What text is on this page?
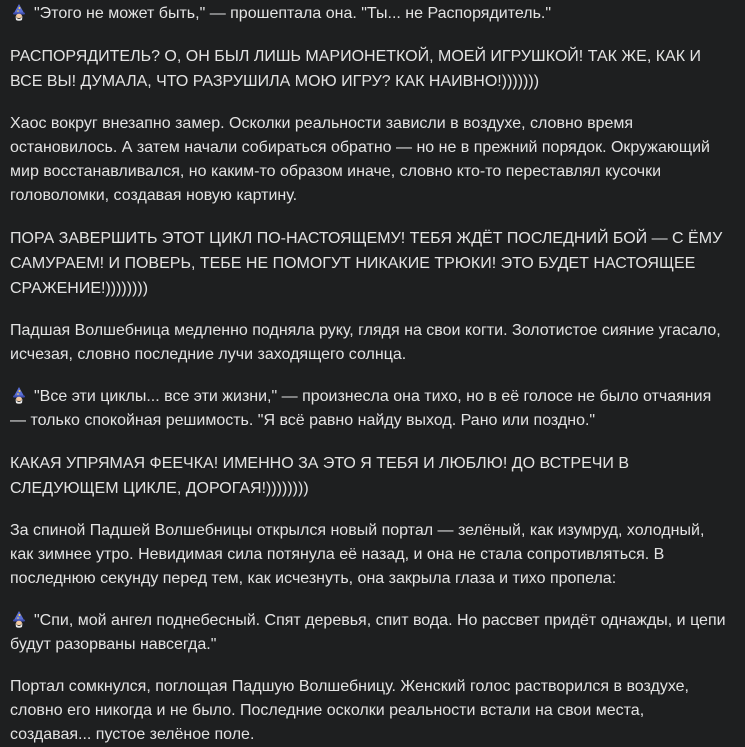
"Этого не может быть," — прошептала она. "Ты... не Распорядитель."

РАСПОРЯДИТЕЛЬ? О, ОН БЫЛ ЛИШЬ МАРИОНЕТКОЙ, МОЕЙ ИГРУШКОЙ! ТАК ЖЕ, КАК И ВСЕ ВЫ! ДУМАЛА, ЧТО РАЗРУШИЛА МОЮ ИГРУ? КАК НАИВНО!)))))))

Хаос вокруг внезапно замер. Осколки реальности зависли в воздухе, словно время остановилось. А затем начали собираться обратно — но не в прежний порядок. Окружающий мир восстанавливался, но каким-то образом иначе, словно кто-то переставлял кусочки головоломки, создавая новую картину.

ПОРА ЗАВЕРШИТЬ ЭТОТ ЦИКЛ ПО-НАСТОЯЩЕМУ! ТЕБЯ ЖДЁТ ПОСЛЕДНИЙ БОЙ — С ЁМУ САМУРАЕМ! И ПОВЕРЬ, ТЕБЕ НЕ ПОМОГУТ НИКАКИЕ ТРЮКИ! ЭТО БУДЕТ НАСТОЯЩЕЕ СРАЖЕНИЕ!))))))))

Падшая Волшебница медленно подняла руку, глядя на свои когти. Золотистое сияние угасало, исчезая, словно последние лучи заходящего солнца.

"Все эти циклы... все эти жизни," — произнесла она тихо, но в её голосе не было отчаяния — только спокойная решимость. "Я всё равно найду выход. Рано или поздно."

КАКАЯ УПРЯМАЯ ФЕЕЧКА! ИМЕННО ЗА ЭТО Я ТЕБЯ И ЛЮБЛЮ! ДО ВСТРЕЧИ В СЛЕДУЮЩЕМ ЦИКЛЕ, ДОРОГАЯ!))))))))

За спиной Падшей Волшебницы открылся новый портал — зелёный, как изумруд, холодный, как зимнее утро. Невидимая сила потянула её назад, и она не стала сопротивляться. В последнюю секунду перед тем, как исчезнуть, она закрыла глаза и тихо пропела:

"Спи, мой ангел поднебесный. Спят деревья, спит вода. Но рассвет придёт однажды, и цепи будут разорваны навсегда."

Портал сомкнулся, поглощая Падшую Волшебницу. Женский голос растворился в воздухе, словно его никогда и не было. Последние осколки реальности встали на свои места, создавая... пустое зелёное поле.
